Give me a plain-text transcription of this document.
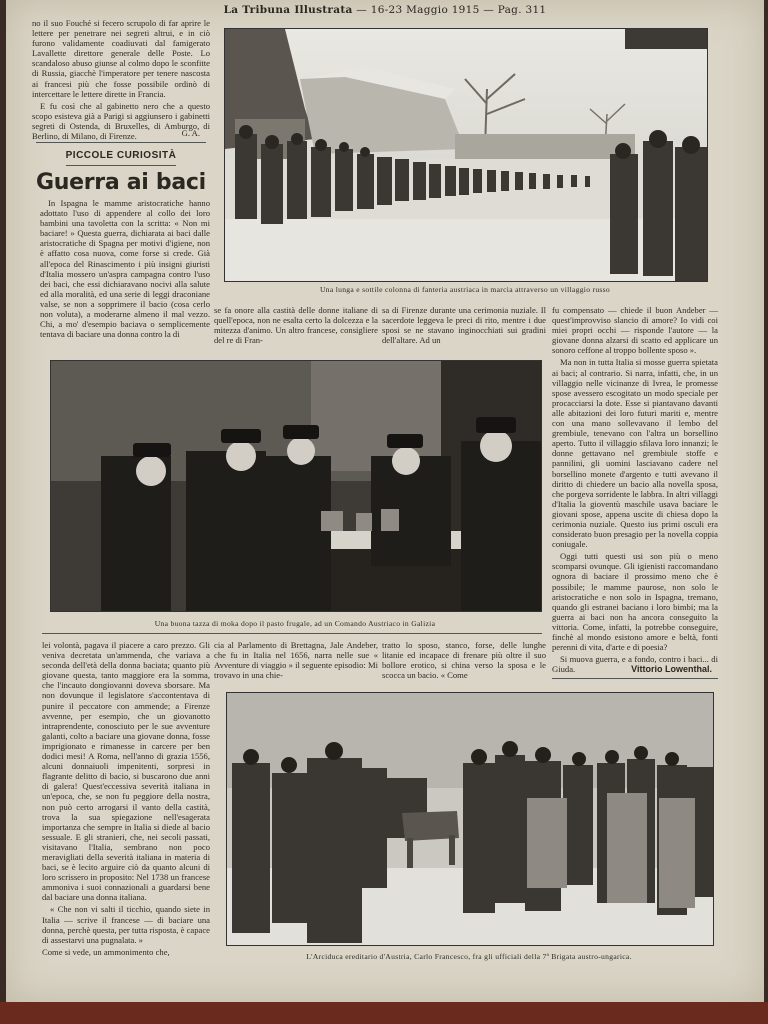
La Tribuna Illustrata — 16-23 Maggio 1915 — Pag. 311

no il suo Fouché si fecero scrupolo di far aprire le lettere per penetrare nei segreti altrui, e in ciò furono validamente coadiuvati dal famigerato Lavallette direttore generale delle Poste. Lo scandaloso abuso giunse al colmo dopo le sconfitte di Russia, giacchè l'imperatore per tenere nascosta ai francesi più che fosse possibile ordinò di intercettare le lettere dirette in Francia.

E fu così che al gabinetto nero che a questo scopo esisteva già a Parigi si aggiunsero i gabinetti segreti di Ostenda, di Bruxelles, di Amburgo, di Berlino, di Milano, di Firenze.	G. A.
PICCOLE CURIOSITÀ
Guerra ai baci

In Ispagna le mamme aristocratiche hanno adottato l'uso di appendere al collo dei loro bambini una tavoletta con la scritta: « Non mi baciare! » Questa guerra, dichiarata ai baci dalle aristocratiche di Spagna per motivi d'igiene, non è affatto cosa nuova, come forse si crede. Già all'epoca del Rinascimento i più insigni giuristi d'Italia mossero un'aspra campagna contro l'uso dei baci, che essi dichiaravano nocivi alla salute ed alla moralità, ed una serie di leggi draconiane valse, se non a sopprimere il bacio (cosa cerlo non voluta), a moderarne almeno il mal vezzo. Chi, a mo' d'esempio baciava o semplicemente tentava di baciare una donna contro la di

Una lunga e sottile colonna di fanteria austriaca in marcia attraverso un villaggio russo

se fa onore alla castità delle donne italiane di quell'epoca, non ne esalta certo la dolcezza e la mitezza d'animo. Un altro francese, consigliere del re di Fran-

sa di Firenze durante una cerimonia nuziale. Il sacerdote leggeva le preci di rito, mentre i due sposi se ne stavano inginocchiati sui gradini dell'altare. Ad un

fu compensato — chiede il buon Andeber — quest'improvviso slancio di amore? Io vidi coi miei propri occhi — risponde l'autore — la giovane donna alzarsi di scatto ed applicare un sonoro ceffone al troppo bollente sposo ».

Ma non in tutta Italia si mosse guerra spietata ai baci; al contrario. Si narra, infatti, che, in un villaggio nelle vicinanze di Ivrea, le promesse spose avessero escogitato un modo speciale per procacciarsi la dote. Esse si piantavano davanti alle abitazioni dei loro futuri mariti e, mentre con una mano sollevavano il lembo del grembiule, tenevano con l'altra un borsellino aperto. Tutto il villaggio sfilava loro innanzi; le donne gettavano nel grembiule stoffe e pannilini, gli uomini lasciavano cadere nel borsellino monete d'argento e tutti avevano il diritto di chiedere un bacio alla novella sposa, che porgeva sorridente le labbra. In altri villaggi d'Italia la gioventù maschile usava baciare le giovani spose, appena uscite di chiesa dopo la cerimonia nuziale. Questo ius primi osculi era considerato buon presagio per la novella coppia coniugale.

Oggi tutti questi usi son più o meno scomparsi ovunque. Gli igienisti raccomandano ognora di baciare il prossimo meno che è possibile; le mamme paurose, non solo le aristocratiche e non solo in Ispagna, tremano, quando gli estranei baciano i loro bimbi; ma la guerra ai baci non ha ancora conseguito la vittoria. Come, infatti, la potrebbe conseguire, finchè al mondo esistono amore e beltà, fonti perenni di vita, d'arte e di poesia?

Si muova guerra, e a fondo, contro i baci... di Giuda.	Vittorio Lowenthal.
Una buona tazza di moka dopo il pasto frugale, ad un Comando Austriaco in Galizia

lei volontà, pagava il piacere a caro prezzo. Gli veniva decretata un'ammenda, che variava a seconda dell'età della donna baciata; quanto più giovane questa, tanto maggiore era la somma, che l'incauto dongiovanni doveva sborsare. Ma non dovunque il legislatore s'accontentava di punire il peccatore con ammende; a Firenze avvenne, per esempio, che un giovanotto intraprendente, conosciuto per le sue avventure galanti, colto a baciare una giovane donna, fosse imprigionato e rimanesse in carcere per ben dodici mesi! A Roma, nell'anno di grazia 1556, alcuni donnaiuoli impenitenti, sorpresi in flagrante delitto di bacio, si buscarono due anni di galera! Quest'eccessiva severità italiana in un'epoca, che, se non fu peggiore della nostra, non può certo arrogarsi il vanto della castità, trova la sua spiegazione nell'esagerata importanza che sempre in Italia si diede al bacio sessuale. E gli stranieri, che, nei secoli passati, visitavano l'Italia, sembrano non poco meravigliati della severità italiana in materia di baci, se è lecito arguire ciò da quanto alcuni di loro scrissero in proposito: Nel 1738 un francese ammoniva i suoi connazionali a guardarsi bene dal baciare una donna italiana.

« Che non vi salti il ticchio, quando siete in Italia — scrive il francese — di baciare una donna, perchè questa, per tutta risposta, è capace di assestarvi una pugnalata. »

Come si vede, un ammonimento che,

cia al Parlamento di Brettagna, Jale Andeber, che fu in Italia nel 1656, narra nelle sue « Avventure di viaggio » il seguente episodio: Mi trovavo in una chie-

tratto lo sposo, stanco, forse, delle lunghe litanie ed incapace di frenare più oltre il suo bollore erotico, si china verso la sposa e le scocca un bacio. « Come

L'Arciduca ereditario d'Austria, Carlo Francesco, fra gli ufficiali della 7ª Brigata austro-ungarica.
